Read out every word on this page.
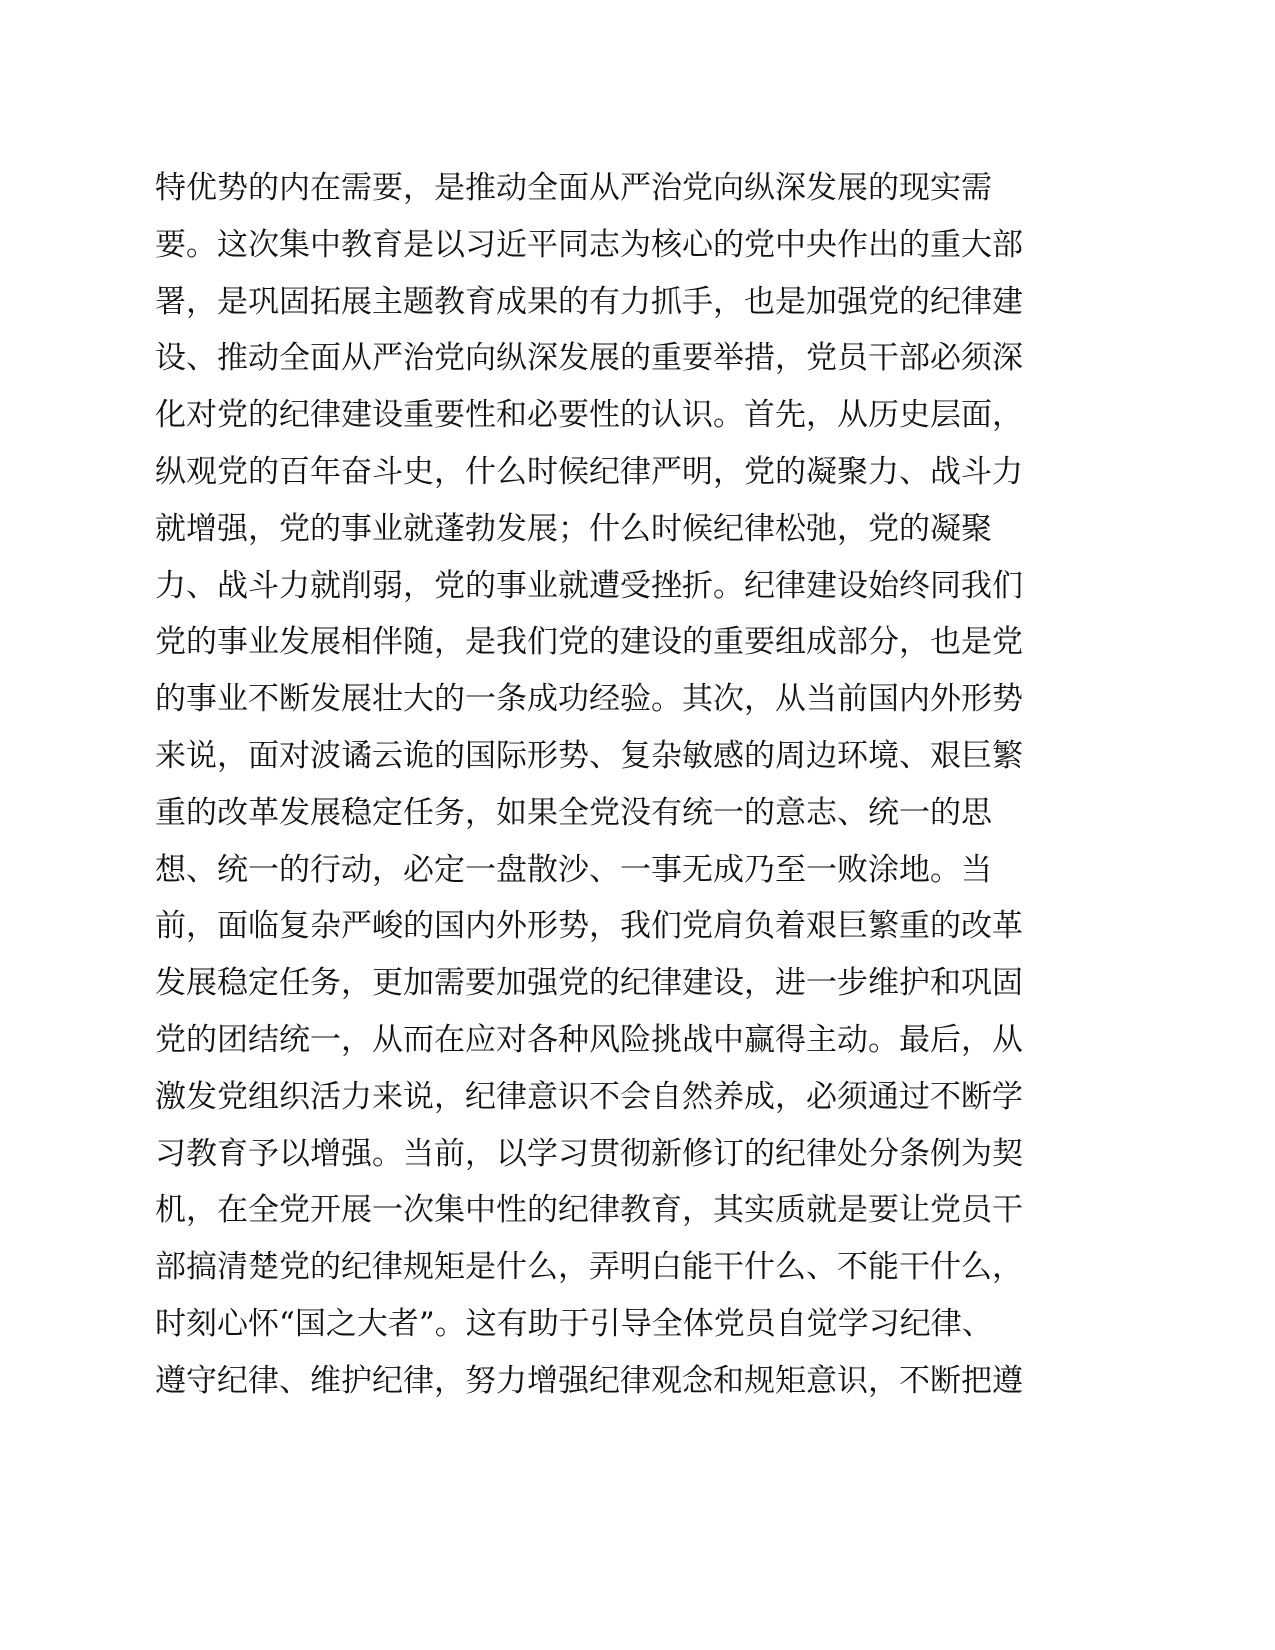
特优势的内在需要，是推动全面从严治党向纵深发展的现实需
要。这次集中教育是以习近平同志为核心的党中央作出的重大部
署，是巩固拓展主题教育成果的有力抓手，也是加强党的纪律建
设、推动全面从严治党向纵深发展的重要举措，党员干部必须深
化对党的纪律建设重要性和必要性的认识。首先，从历史层面，
纵观党的百年奋斗史，什么时候纪律严明，党的凝聚力、战斗力
就增强，党的事业就蓬勃发展；什么时候纪律松弛，党的凝聚
力、战斗力就削弱，党的事业就遭受挫折。纪律建设始终同我们
党的事业发展相伴随，是我们党的建设的重要组成部分，也是党
的事业不断发展壮大的一条成功经验。其次，从当前国内外形势
来说，面对波谲云诡的国际形势、复杂敏感的周边环境、艰巨繁
重的改革发展稳定任务，如果全党没有统一的意志、统一的思
想、统一的行动，必定一盘散沙、一事无成乃至一败涂地。当
前，面临复杂严峻的国内外形势，我们党肩负着艰巨繁重的改革
发展稳定任务，更加需要加强党的纪律建设，进一步维护和巩固
党的团结统一，从而在应对各种风险挑战中赢得主动。最后，从
激发党组织活力来说，纪律意识不会自然养成，必须通过不断学
习教育予以增强。当前，以学习贯彻新修订的纪律处分条例为契
机，在全党开展一次集中性的纪律教育，其实质就是要让党员干
部搞清楚党的纪律规矩是什么，弄明白能干什么、不能干什么，
时刻心怀“国之大者”。这有助于引导全体党员自觉学习纪律、
遵守纪律、维护纪律，努力增强纪律观念和规矩意识，不断把遵
